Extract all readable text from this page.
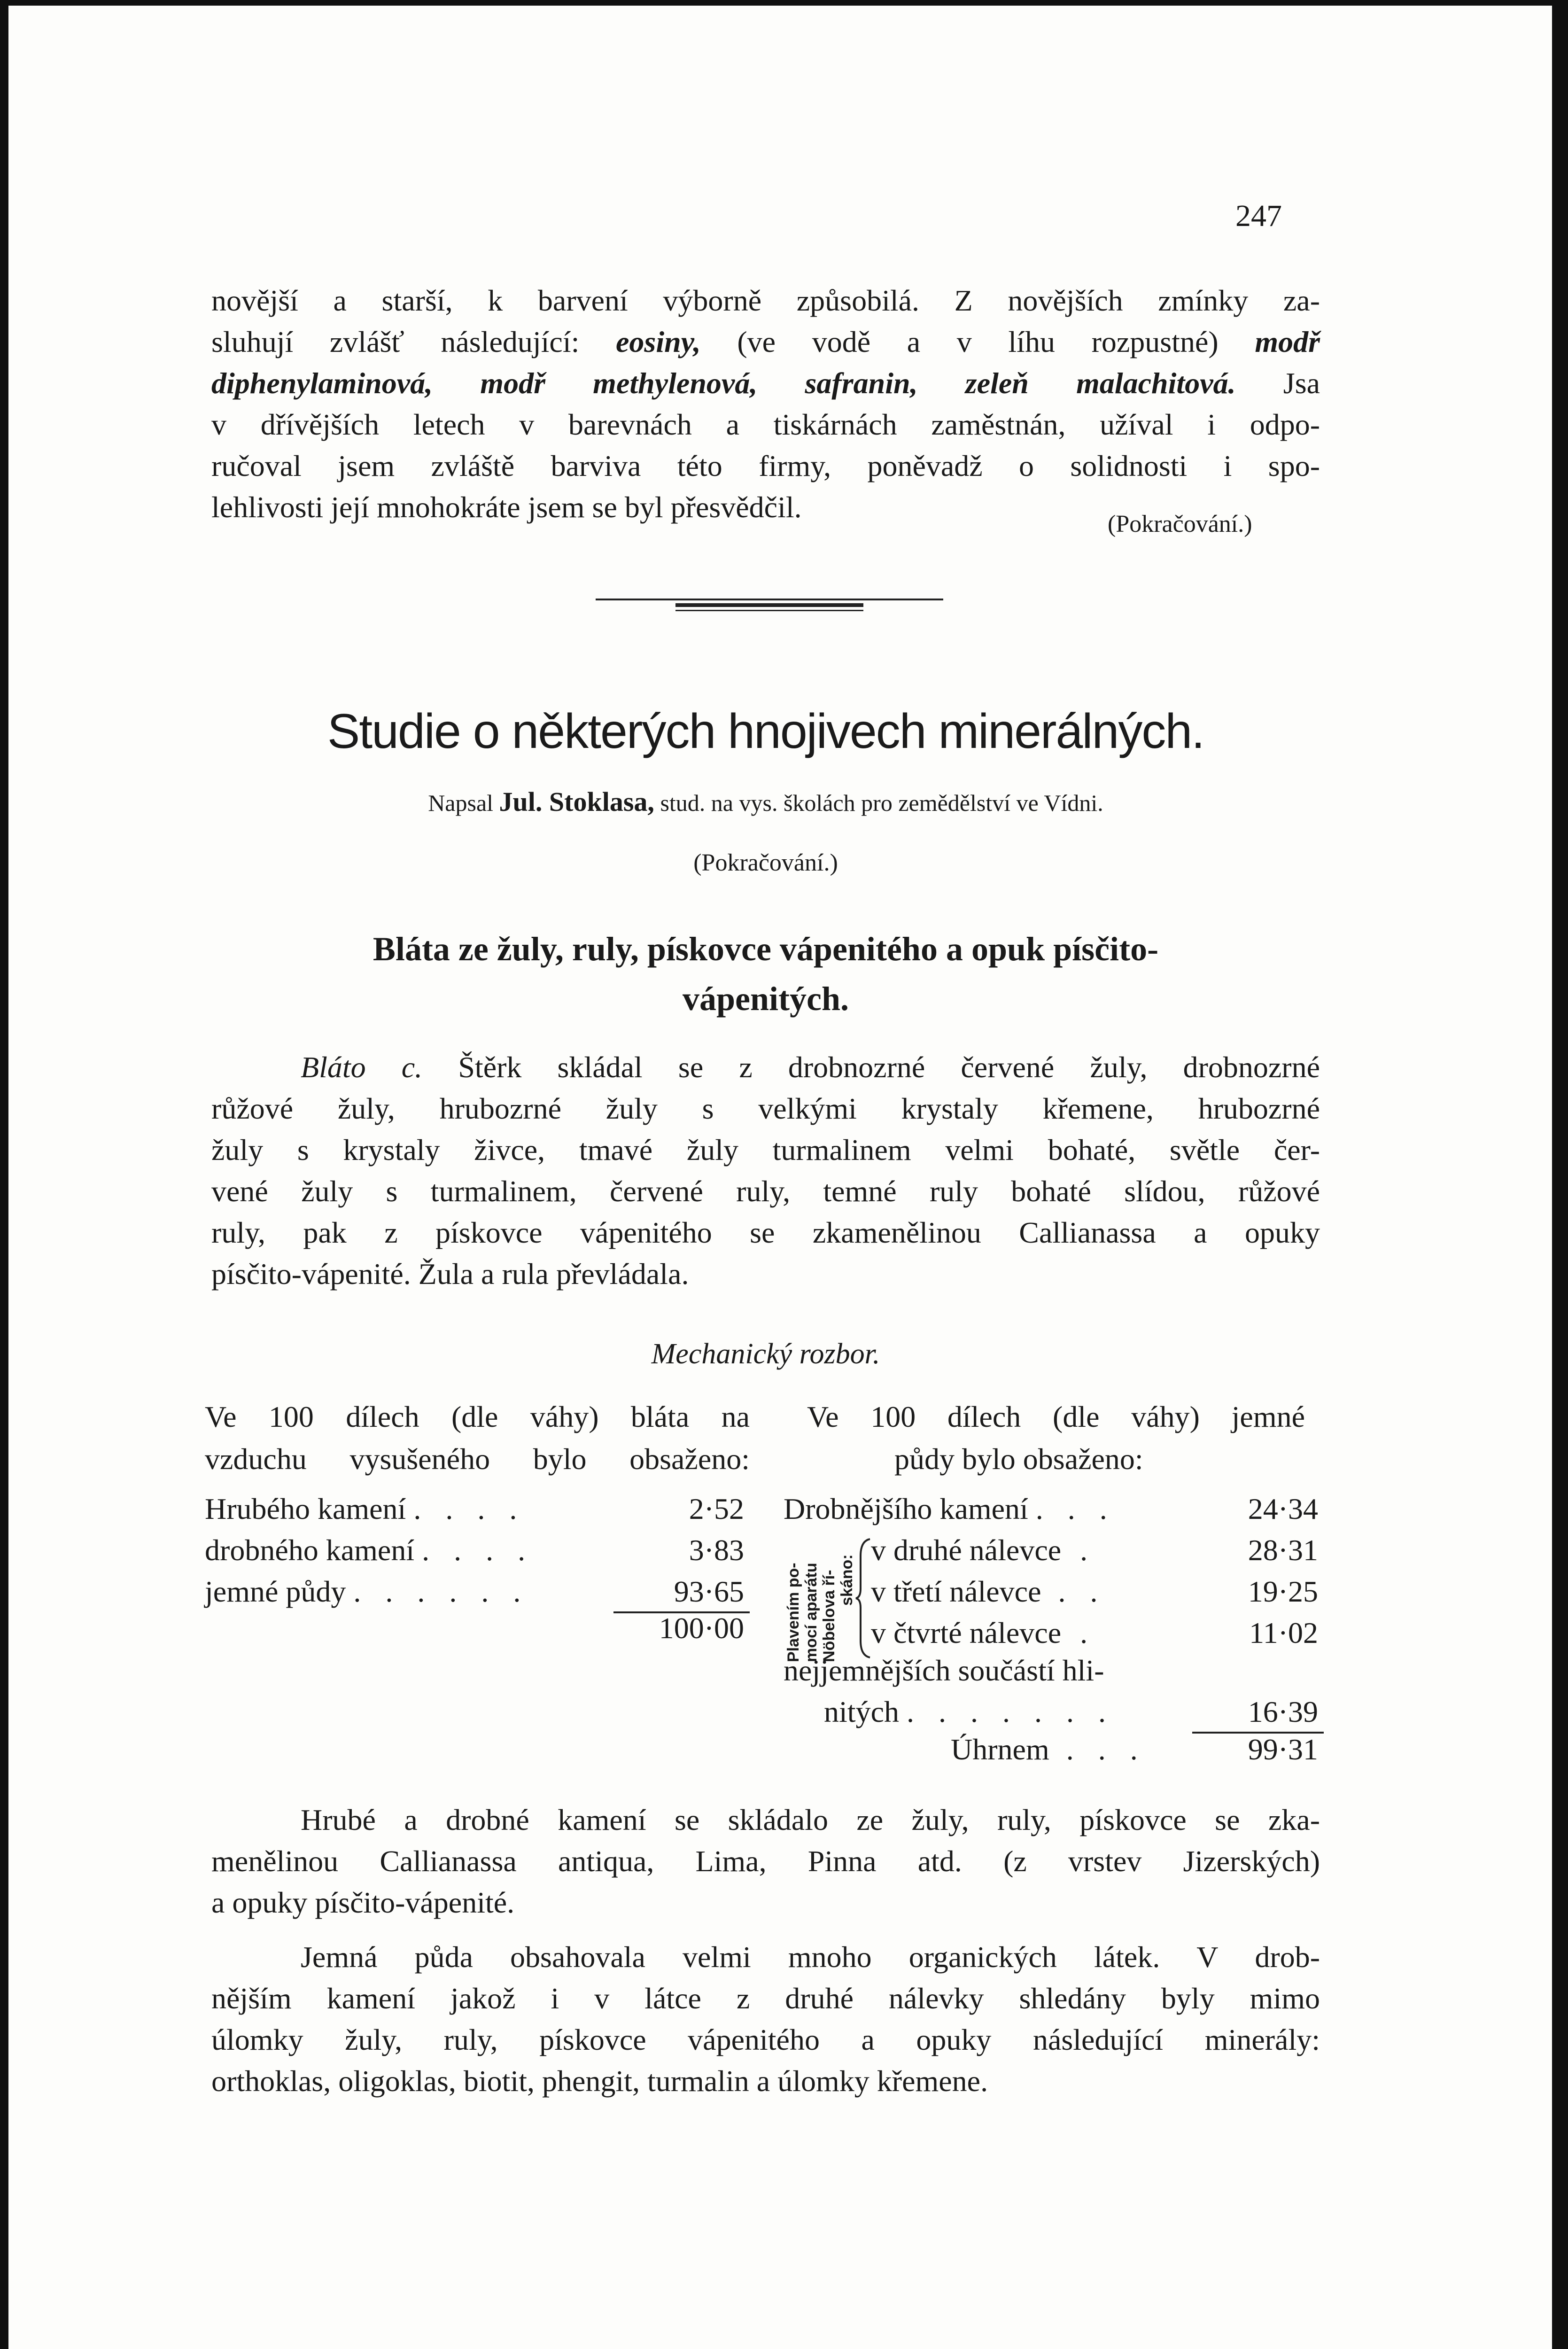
247
novější a starší, k barvení výborně způsobilá. Z novějších zmínky za-
sluhují zvlášť následující: eosiny, (ve vodě a v líhu rozpustné) modř
diphenylaminová, modř methylenová, safranin, zeleň malachitová. Jsa
v dřívějších letech v barevnách a tiskárnách zaměstnán, užíval i odpo-
ručoval jsem zvláště barviva této firmy, poněvadž o solidnosti i spo-
lehlivosti její mnohokráte jsem se byl přesvědčil.
(Pokračování.)
Studie o některých hnojivech minerálných.
Napsal Jul. Stoklasa, stud. na vys. školách pro zemědělství ve Vídni.
(Pokračování.)
Bláta ze žuly, ruly, pískovce vápenitého a opuk písčito-
vápenitých.
Bláto c. Štěrk skládal se z drobnozrné červené žuly, drobnozrné
růžové žuly, hrubozrné žuly s velkými krystaly křemene, hrubozrné
žuly s krystaly živce, tmavé žuly turmalinem velmi bohaté, světle čer-
vené žuly s turmalinem, červené ruly, temné ruly bohaté slídou, růžové
ruly, pak z pískovce vápenitého se zkamenělinou Callianassa a opuky
písčito-vápenité. Žula a rula převládala.
Mechanický rozbor.
Ve 100 dílech (dle váhy) bláta na
vzduchu vysušeného bylo obsaženo:
Hrubého kamení . . . .	2·52
drobného kamení . . . .	3·83
jemné půdy . . . . . .	93·65
100·00
Ve 100 dílech (dle váhy) jemné
půdy bylo obsaženo:
Drobnějšího kamení . . .	24·34
Plavením po- mocí aparátu Nöbelova ří- skáno:
v druhé nálevce .	28·31
v třetí nálevce . .	19·25
v čtvrté nálevce .	11·02
nejjemnějších součástí hli-
nitých . . . . . . .	16·39
Úhrnem . . .	99·31
Hrubé a drobné kamení se skládalo ze žuly, ruly, pískovce se zka-
menělinou Callianassa antiqua, Lima, Pinna atd. (z vrstev Jizerských)
a opuky písčito-vápenité.
Jemná půda obsahovala velmi mnoho organických látek. V drob-
nějším kamení jakož i v látce z druhé nálevky shledány byly mimo
úlomky žuly, ruly, pískovce vápenitého a opuky následující minerály:
orthoklas, oligoklas, biotit, phengit, turmalin a úlomky křemene.
